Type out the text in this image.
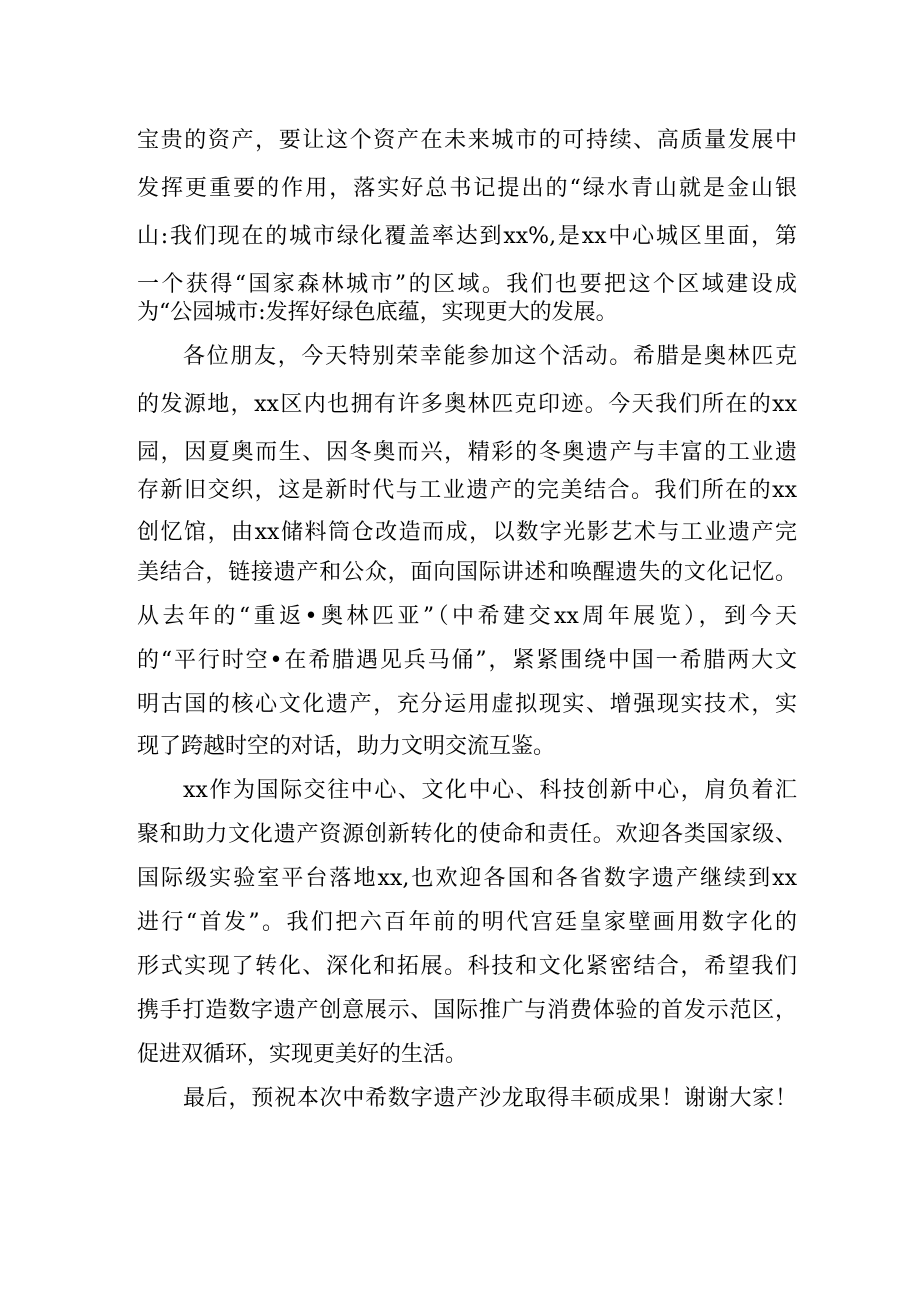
宝贵的资产，要让这个资产在未来城市的可持续、高质量发展中
发挥更重要的作用，落实好总书记提出的“绿水青山就是金山银
山:我们现在的城市绿化覆盖率达到xx%,是xx中心城区里面，第
一个获得“国家森林城市”的区域。我们也要把这个区域建设成
为“公园城市:发挥好绿色底蕴，实现更大的发展。
各位朋友，今天特别荣幸能参加这个活动。希腊是奥林匹克
的发源地，xx区内也拥有许多奥林匹克印迹。今天我们所在的xx
园，因夏奥而生、因冬奥而兴，精彩的冬奥遗产与丰富的工业遗
存新旧交织，这是新时代与工业遗产的完美结合。我们所在的xx
创忆馆，由xx储料筒仓改造而成，以数字光影艺术与工业遗产完
美结合，链接遗产和公众，面向国际讲述和唤醒遗失的文化记忆。
从去年的“重返•奥林匹亚”（中希建交xx周年展览），到今天
的“平行时空•在希腊遇见兵马俑”，紧紧围绕中国一希腊两大文
明古国的核心文化遗产，充分运用虚拟现实、增强现实技术，实
现了跨越时空的对话，助力文明交流互鉴。
xx作为国际交往中心、文化中心、科技创新中心，肩负着汇
聚和助力文化遗产资源创新转化的使命和责任。欢迎各类国家级、
国际级实验室平台落地xx,也欢迎各国和各省数字遗产继续到xx
进行“首发”。我们把六百年前的明代宫廷皇家壁画用数字化的
形式实现了转化、深化和拓展。科技和文化紧密结合，希望我们
携手打造数字遗产创意展示、国际推广与消费体验的首发示范区，
促进双循环，实现更美好的生活。
最后，预祝本次中希数字遗产沙龙取得丰硕成果！谢谢大家！
